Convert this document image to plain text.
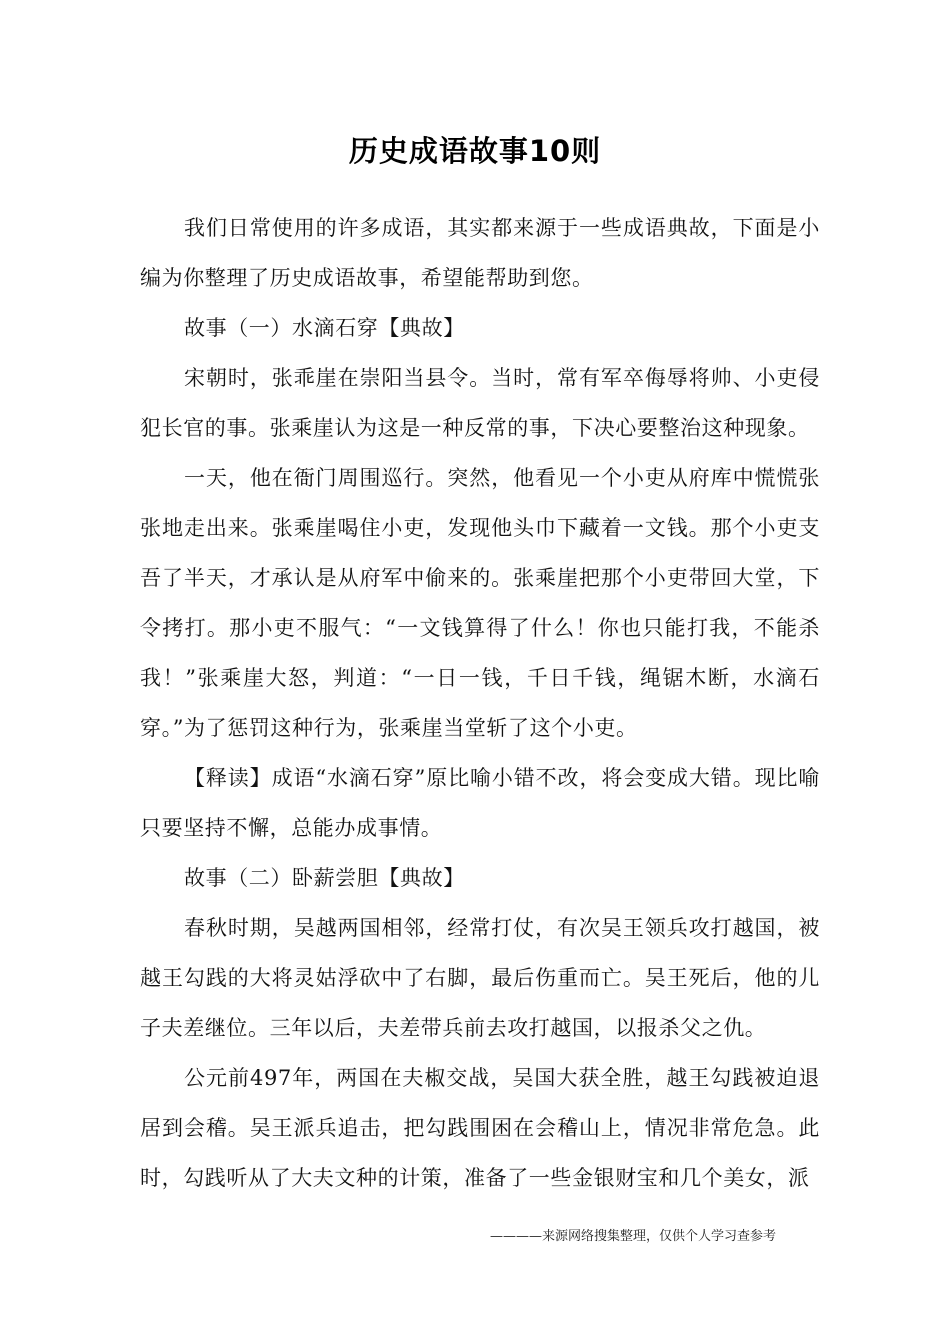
历史成语故事10则

我们日常使用的许多成语，其实都来源于一些成语典故，下面是小编为你整理了历史成语故事，希望能帮助到您。

故事（一）水滴石穿【典故】

宋朝时，张乖崖在崇阳当县令。当时，常有军卒侮辱将帅、小吏侵犯长官的事。张乘崖认为这是一种反常的事，下决心要整治这种现象。

一天，他在衙门周围巡行。突然，他看见一个小吏从府库中慌慌张张地走出来。张乘崖喝住小吏，发现他头巾下藏着一文钱。那个小吏支吾了半天，才承认是从府军中偷来的。张乘崖把那个小吏带回大堂，下令拷打。那小吏不服气：“一文钱算得了什么！你也只能打我，不能杀我！”张乘崖大怒，判道：“一日一钱，千日千钱，绳锯木断，水滴石穿。”为了惩罚这种行为，张乘崖当堂斩了这个小吏。

【释读】成语“水滴石穿”原比喻小错不改，将会变成大错。现比喻只要坚持不懈，总能办成事情。

故事（二）卧薪尝胆【典故】

春秋时期，吴越两国相邻，经常打仗，有次吴王领兵攻打越国，被越王勾践的大将灵姑浮砍中了右脚，最后伤重而亡。吴王死后，他的儿子夫差继位。三年以后，夫差带兵前去攻打越国，以报杀父之仇。

公元前497年，两国在夫椒交战，吴国大获全胜，越王勾践被迫退居到会稽。吴王派兵追击，把勾践围困在会稽山上，情况非常危急。此时，勾践听从了大夫文种的计策，准备了一些金银财宝和几个美女，派

————来源网络搜集整理，仅供个人学习查参考
